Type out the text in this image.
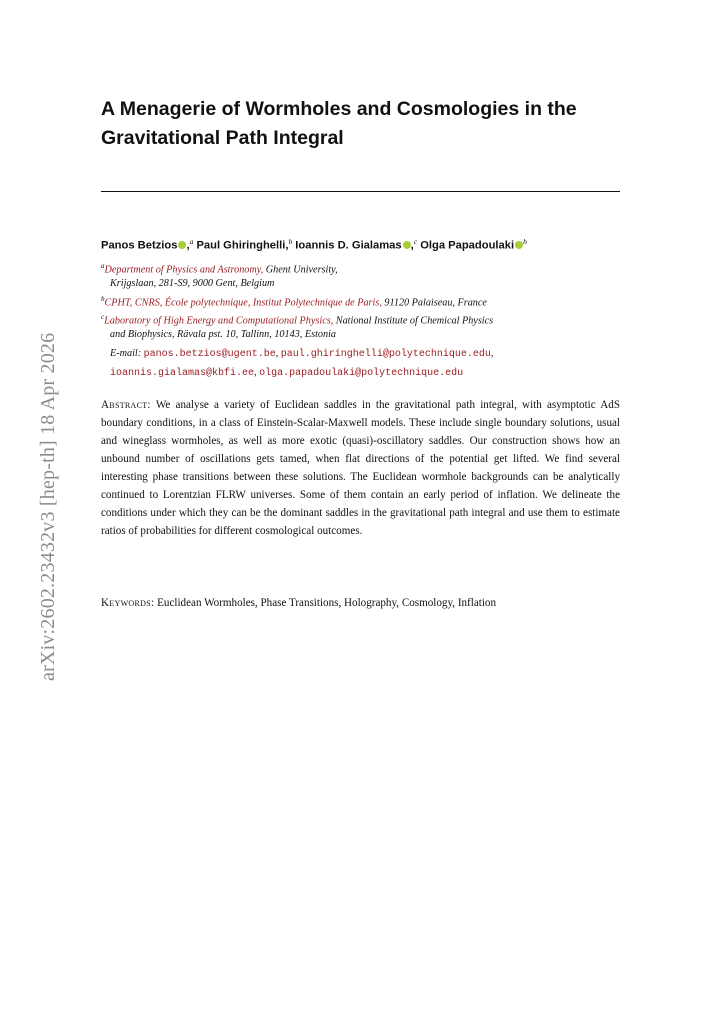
arXiv:2602.23432v3 [hep-th] 18 Apr 2026
A Menagerie of Wormholes and Cosmologies in the
Gravitational Path Integral
Panos Betzios ,$^a$ Paul Ghiringhelli,$^b$ Ioannis D. Gialamas ,$^c$ Olga Papadoulaki $^b$
$^a$Department of Physics and Astronomy, Ghent University,
Krijgslaan, 281-S9, 9000 Gent, Belgium
$^b$CPHT, CNRS, École polytechnique, Institut Polytechnique de Paris, 91120 Palaiseau, France
$^c$Laboratory of High Energy and Computational Physics, National Institute of Chemical Physics
and Biophysics, Rävala pst. 10, Tallinn, 10143, Estonia
E-mail: panos.betzios@ugent.be, paul.ghiringhelli@polytechnique.edu,
ioannis.gialamas@kbfi.ee, olga.papadoulaki@polytechnique.edu
Abstract: We analyse a variety of Euclidean saddles in the gravitational path integral, with asymptotic AdS boundary conditions, in a class of Einstein-Scalar-Maxwell models. These include single boundary solutions, usual and wineglass wormholes, as well as more exotic (quasi)-oscillatory saddles. Our construction shows how an unbound number of oscillations gets tamed, when flat directions of the potential get lifted. We find several interesting phase transitions between these solutions. The Euclidean wormhole backgrounds can be analytically continued to Lorentzian FLRW universes. Some of them contain an early period of inflation. We delineate the conditions under which they can be the dominant saddles in the gravitational path integral and use them to estimate ratios of probabilities for different cosmological outcomes.
Keywords: Euclidean Wormholes, Phase Transitions, Holography, Cosmology, Inflation
